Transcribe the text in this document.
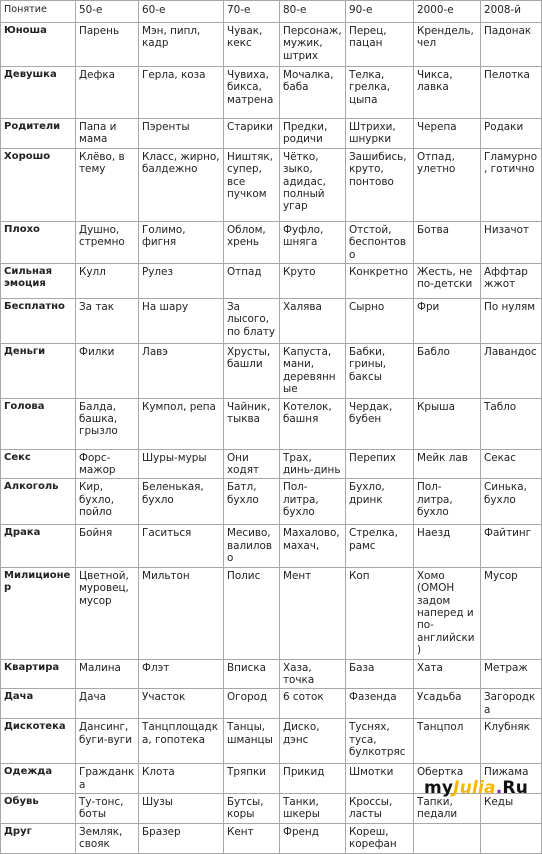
Понятие	50-е	60-е	70-е	80-е	90-е	2000-е	2008-й
Юноша	Парень	Мэн, пипл, кадр	Чувак, кекс	Персонаж, мужик, штрих	Перец, пацан	Крендель, чел	Падонак
Девушка	Дефка	Герла, коза	Чувиха, бикса, матрена	Мочалка, баба	Телка, грелка, цыпа	Чикса, лавка	Пелотка
Родители	Папа и мама	Пэренты	Старики	Предки, родичи	Штрихи, шнурки	Черепа	Родаки
Хорошо	Клёво, в тему	Класс, жирно, балдежно	Ништяк, супер, все пучком	Чётко, зыко, адидас, полный угар	Зашибись, круто, понтово	Отпад, улетно	Гламурно, готично
Плохо	Душно, стремно	Голимо, фигня	Облом, хрень	Фуфло, шняга	Отстой, беспонтово	Ботва	Низачот
Сильная эмоция	Кулл	Рулез	Отпад	Круто	Конкретно	Жесть, не по-детски	Аффтар жжот
Бесплатно	За так	На шару	За лысого, по блату	Халява	Сырно	Фри	По нулям
Деньги	Филки	Лавэ	Хрусты, башли	Капуста, мани, деревянные	Бабки, грины, баксы	Бабло	Лавандос
Голова	Балда, башка, грызло	Кумпол, репа	Чайник, тыква	Котелок, башня	Чердак, бубен	Крыша	Табло
Секс	Форс-мажор	Шуры-муры	Они ходят	Трах, динь-динь	Перепих	Мейк лав	Секас
Алкоголь	Кир, бухло, пойло	Беленькая, бухло	Батл, бухло	Пол-литра, бухло	Бухло, дринк	Пол-литра, бухло	Синька, бухло
Драка	Бойня	Гаситься	Месиво, валилово	Махалово, махач,	Стрелка, рамс	Наезд	Файтинг
Милиционер	Цветной, муровец, мусор	Мильтон	Полис	Мент	Коп	Хомо (ОМОН задом наперед и по-английски)	Мусор
Квартира	Малина	Флэт	Вписка	Хаза, точка	База	Хата	Метраж
Дача	Дача	Участок	Огород	6 соток	Фазенда	Усадьба	Загородка
Дискотека	Дансинг, буги-вуги	Танцплощадка, гопотека	Танцы, шманцы	Диско, дэнс	Туснях, туса, булкотряс	Танцпол	Клубняк
Одежда	Гражданка	Клота	Тряпки	Прикид	Шмотки	Обертка	Пижама
Обувь	Ту-тонс, боты	Шузы	Бутсы, коры	Танки, шкеры	Кроссы, ласты	Тапки, педали	Кеды
Друг	Земляк, свояк	Бразер	Кент	Френд	Кореш, корефан		
myJulia.Ru
